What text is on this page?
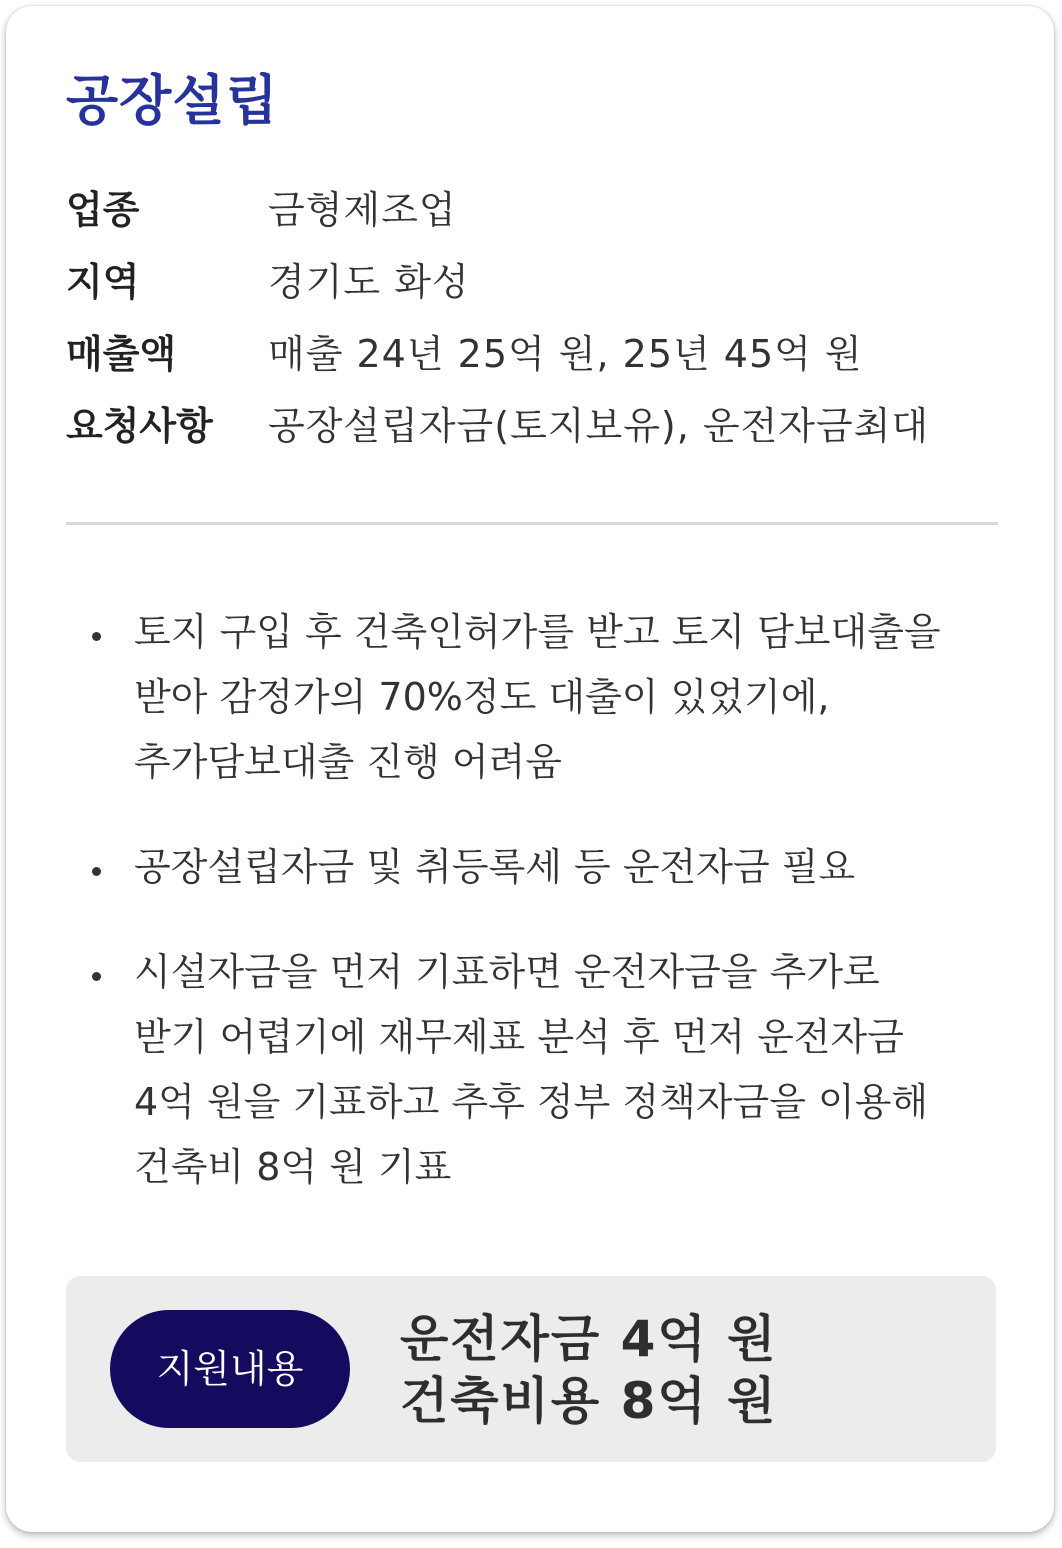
공장설립
업종	금형제조업
지역	경기도 화성
매출액	매출 24년 25억 원, 25년 45억 원
요청사항	공장설립자금(토지보유), 운전자금최대
토지 구입 후 건축인허가를 받고 토지 담보대출을
받아 감정가의 70%정도 대출이 있었기에,
추가담보대출 진행 어려움
공장설립자금 및 취등록세 등 운전자금 필요
시설자금을 먼저 기표하면 운전자금을 추가로
받기 어렵기에 재무제표 분석 후 먼저 운전자금
4억 원을 기표하고 추후 정부 정책자금을 이용해
건축비 8억 원 기표
지원내용
운전자금 4억 원
건축비용 8억 원
